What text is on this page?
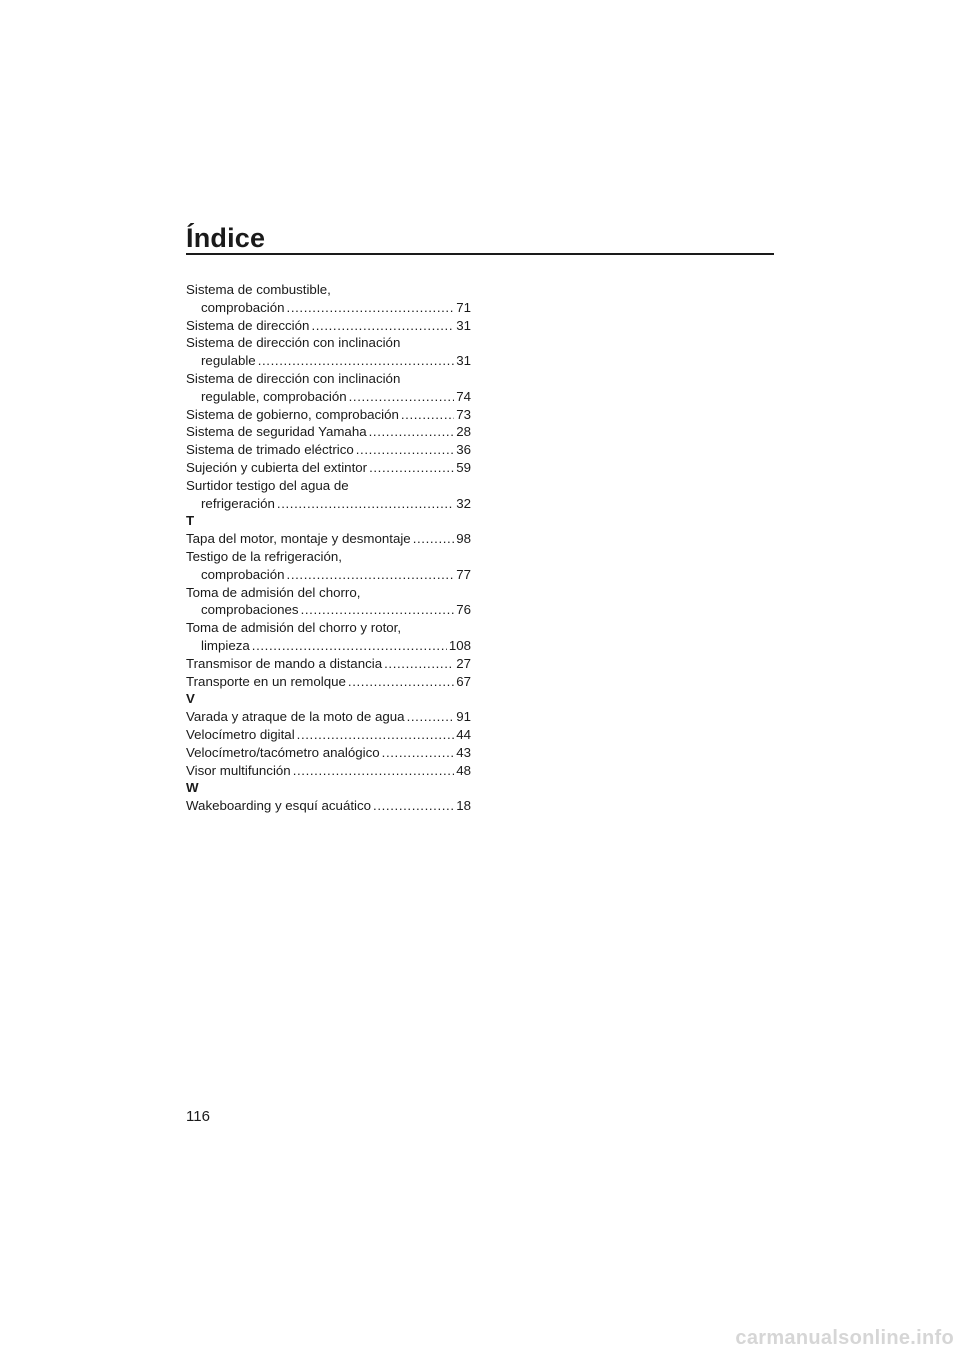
Índice
Sistema de combustible,
comprobación .....	71
Sistema de dirección .....	31
Sistema de dirección con inclinación
regulable .....	31
Sistema de dirección con inclinación
regulable, comprobación .....	74
Sistema de gobierno, comprobación .....	73
Sistema de seguridad Yamaha .....	28
Sistema de trimado eléctrico .....	36
Sujeción y cubierta del extintor .....	59
Surtidor testigo del agua de
refrigeración .....	32
T
Tapa del motor, montaje y desmontaje .....	98
Testigo de la refrigeración,
comprobación .....	77
Toma de admisión del chorro,
comprobaciones .....	76
Toma de admisión del chorro y rotor,
limpieza .....	108
Transmisor de mando a distancia .....	27
Transporte en un remolque .....	67
V
Varada y atraque de la moto de agua .....	91
Velocímetro digital .....	44
Velocímetro/tacómetro analógico .....	43
Visor multifunción .....	48
W
Wakeboarding y esquí acuático .....	18

116

carmanualsonline.info
